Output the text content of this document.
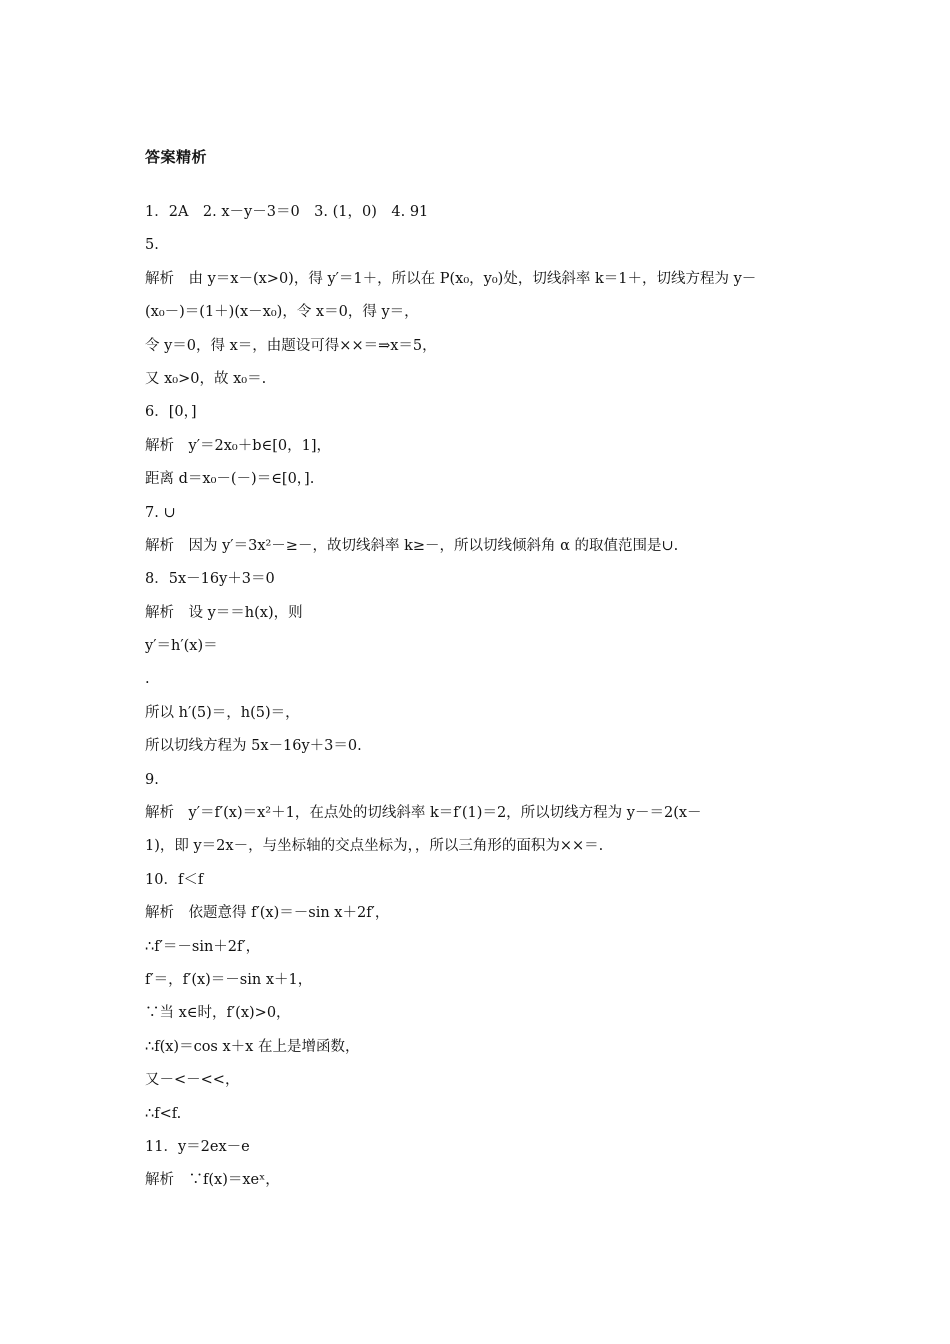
答案精析
1．2A　2. x－y－3＝0　3. (1，0)　4. 91
5.
解析　由 y＝x－(x>0)，得 y′＝1＋，所以在 P(x₀，y₀)处，切线斜率 k＝1＋，切线方程为 y－
(x₀－)＝(1＋)(x－x₀)，令 x＝0，得 y＝，
令 y＝0，得 x＝，由题设可得××＝⇒x＝5，
又 x₀>0，故 x₀＝.
6．[0，]
解析　y′＝2x₀＋b∈[0，1]，
距离 d＝x₀－(－)＝∈[0，].
7. ∪
解析　因为 y′＝3x²－≥－，故切线斜率 k≥－，所以切线倾斜角 α 的取值范围是∪.
8．5x－16y＋3＝0
解析　设 y＝＝h(x)，则
y′＝h′(x)＝
.
所以 h′(5)＝，h(5)＝，
所以切线方程为 5x－16y＋3＝0.
9.
解析　y′＝f′(x)＝x²＋1，在点处的切线斜率 k＝f′(1)＝2，所以切线方程为 y－＝2(x－
1)，即 y＝2x－，与坐标轴的交点坐标为，，所以三角形的面积为××＝.
10．f＜f
解析　依题意得 f′(x)＝－sin x＋2f′，
∴f′＝－sin＋2f′，
f′＝，f′(x)＝－sin x＋1，
∵当 x∈时，f′(x)>0，
∴f(x)＝cos x＋x 在上是增函数，
又－<－<<，
∴f<f.
11．y＝2ex－e
解析　∵f(x)＝xeˣ，
